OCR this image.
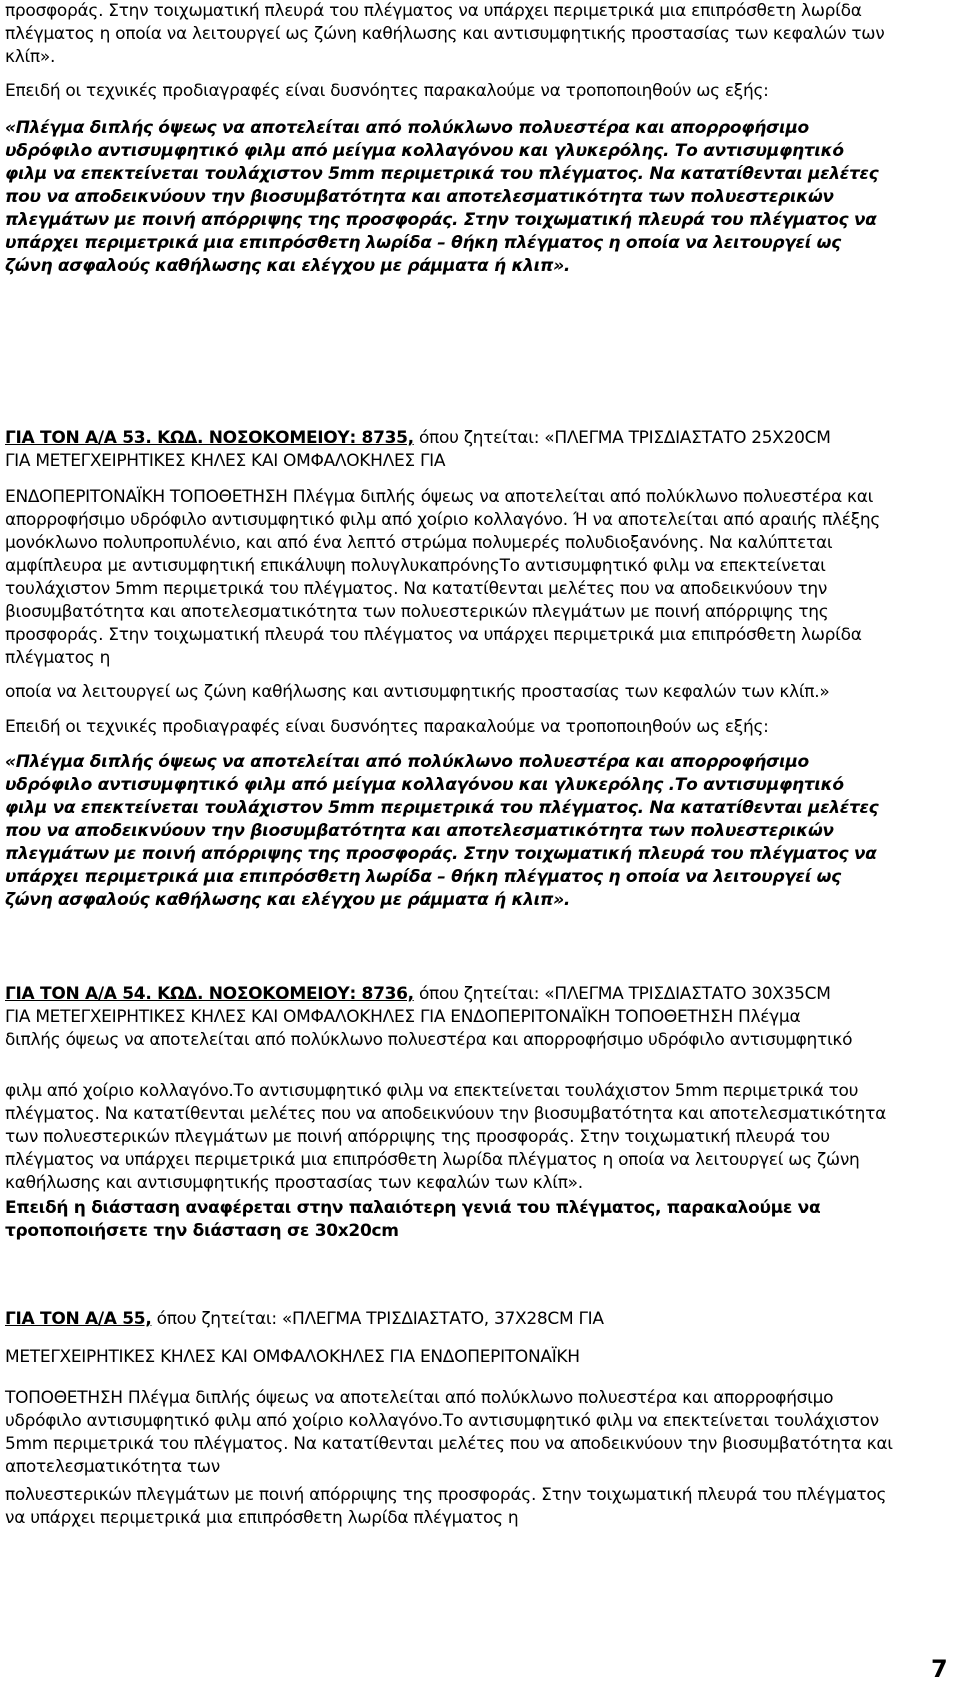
προσφοράς. Στην τοιχωματική πλευρά του πλέγματος να υπάρχει περιμετρικά μια επιπρόσθετη λωρίδα
πλέγματος η οποία να λειτουργεί ως ζώνη καθήλωσης και αντισυμφητικής προστασίας των κεφαλών των
κλίπ».
Επειδή οι τεχνικές προδιαγραφές είναι δυσνόητες παρακαλούμε να τροποποιηθούν ως εξής:
«Πλέγμα διπλής όψεως να αποτελείται από πολύκλωνο πολυεστέρα και απορροφήσιμο
υδρόφιλο αντισυμφητικό φιλμ από μείγμα κολλαγόνου και γλυκερόλης. Το αντισυμφητικό
φιλμ να επεκτείνεται τουλάχιστον 5mm περιμετρικά του πλέγματος. Να κατατίθενται μελέτες
που να αποδεικνύουν την βιοσυμβατότητα και αποτελεσματικότητα των πολυεστερικών
πλεγμάτων με ποινή απόρριψης της προσφοράς. Στην τοιχωματική πλευρά του πλέγματος να
υπάρχει περιμετρικά μια επιπρόσθετη λωρίδα – θήκη πλέγματος η οποία να λειτουργεί ως
ζώνη ασφαλούς καθήλωσης και ελέγχου με ράμματα ή κλιπ».
ΓΙΑ ΤΟΝ Α/Α 53. ΚΩΔ. ΝΟΣΟΚΟΜΕΙΟΥ: 8735, όπου ζητείται: «ΠΛΕΓΜΑ ΤΡΙΣΔΙΑΣΤΑΤΟ 25Χ20CM
ΓΙΑ ΜΕΤΕΓΧΕΙΡΗΤΙΚΕΣ ΚΗΛΕΣ ΚΑΙ ΟΜΦΑΛΟΚΗΛΕΣ ΓΙΑ
ΕΝΔΟΠΕΡΙΤΟΝΑΪΚΗ ΤΟΠΟΘΕΤΗΣΗ Πλέγμα διπλής όψεως να αποτελείται από πολύκλωνο πολυεστέρα και
απορροφήσιμο υδρόφιλο αντισυμφητικό φιλμ από χοίριο κολλαγόνο. Ή να αποτελείται από αραιής πλέξης
μονόκλωνο πολυπροπυλένιο, και από ένα λεπτό στρώμα πολυμερές πολυδιοξανόνης. Να καλύπτεται
αμφίπλευρα με αντισυμφητική επικάλυψη πολυγλυκαπρόνηςΤο αντισυμφητικό φιλμ να επεκτείνεται
τουλάχιστον 5mm περιμετρικά του πλέγματος. Να κατατίθενται μελέτες που να αποδεικνύουν την
βιοσυμβατότητα και αποτελεσματικότητα των πολυεστερικών πλεγμάτων με ποινή απόρριψης της
προσφοράς. Στην τοιχωματική πλευρά του πλέγματος να υπάρχει περιμετρικά μια επιπρόσθετη λωρίδα
πλέγματος η
οποία να λειτουργεί ως ζώνη καθήλωσης και αντισυμφητικής προστασίας των κεφαλών των κλίπ.»
Επειδή οι τεχνικές προδιαγραφές είναι δυσνόητες παρακαλούμε να τροποποιηθούν ως εξής:
«Πλέγμα διπλής όψεως να αποτελείται από πολύκλωνο πολυεστέρα και απορροφήσιμο
υδρόφιλο αντισυμφητικό φιλμ από μείγμα κολλαγόνου και γλυκερόλης .Το αντισυμφητικό
φιλμ να επεκτείνεται τουλάχιστον 5mm περιμετρικά του πλέγματος. Να κατατίθενται μελέτες
που να αποδεικνύουν την βιοσυμβατότητα και αποτελεσματικότητα των πολυεστερικών
πλεγμάτων με ποινή απόρριψης της προσφοράς. Στην τοιχωματική πλευρά του πλέγματος να
υπάρχει περιμετρικά μια επιπρόσθετη λωρίδα – θήκη πλέγματος η οποία να λειτουργεί ως
ζώνη ασφαλούς καθήλωσης και ελέγχου με ράμματα ή κλιπ».
ΓΙΑ ΤΟΝ Α/Α 54. ΚΩΔ. ΝΟΣΟΚΟΜΕΙΟΥ: 8736, όπου ζητείται: «ΠΛΕΓΜΑ ΤΡΙΣΔΙΑΣΤΑΤΟ 30Χ35CM
ΓΙΑ ΜΕΤΕΓΧΕΙΡΗΤΙΚΕΣ ΚΗΛΕΣ ΚΑΙ ΟΜΦΑΛΟΚΗΛΕΣ ΓΙΑ ΕΝΔΟΠΕΡΙΤΟΝΑΪΚΗ ΤΟΠΟΘΕΤΗΣΗ Πλέγμα
διπλής όψεως να αποτελείται από πολύκλωνο πολυεστέρα και απορροφήσιμο υδρόφιλο αντισυμφητικό
φιλμ από χοίριο κολλαγόνο.Το αντισυμφητικό φιλμ να επεκτείνεται τουλάχιστον 5mm περιμετρικά του
πλέγματος. Να κατατίθενται μελέτες που να αποδεικνύουν την βιοσυμβατότητα και αποτελεσματικότητα
των πολυεστερικών πλεγμάτων με ποινή απόρριψης της προσφοράς. Στην τοιχωματική πλευρά του
πλέγματος να υπάρχει περιμετρικά μια επιπρόσθετη λωρίδα πλέγματος η οποία να λειτουργεί ως ζώνη
καθήλωσης και αντισυμφητικής προστασίας των κεφαλών των κλίπ».
Επειδή η διάσταση αναφέρεται στην παλαιότερη γενιά του πλέγματος, παρακαλούμε να
τροποποιήσετε την διάσταση σε 30x20cm
ΓΙΑ ΤΟΝ Α/Α 55, όπου ζητείται: «ΠΛΕΓΜΑ ΤΡΙΣΔΙΑΣΤΑΤΟ, 37Χ28CM ΓΙΑ
ΜΕΤΕΓΧΕΙΡΗΤΙΚΕΣ ΚΗΛΕΣ ΚΑΙ ΟΜΦΑΛΟΚΗΛΕΣ ΓΙΑ ΕΝΔΟΠΕΡΙΤΟΝΑΪΚΗ
ΤΟΠΟΘΕΤΗΣΗ Πλέγμα διπλής όψεως να αποτελείται από πολύκλωνο πολυεστέρα και απορροφήσιμο
υδρόφιλο αντισυμφητικό φιλμ από χοίριο κολλαγόνο.Το αντισυμφητικό φιλμ να επεκτείνεται τουλάχιστον
5mm περιμετρικά του πλέγματος. Να κατατίθενται μελέτες που να αποδεικνύουν την βιοσυμβατότητα και
αποτελεσματικότητα των
πολυεστερικών πλεγμάτων με ποινή απόρριψης της προσφοράς. Στην τοιχωματική πλευρά του πλέγματος
να υπάρχει περιμετρικά μια επιπρόσθετη λωρίδα πλέγματος η
7
